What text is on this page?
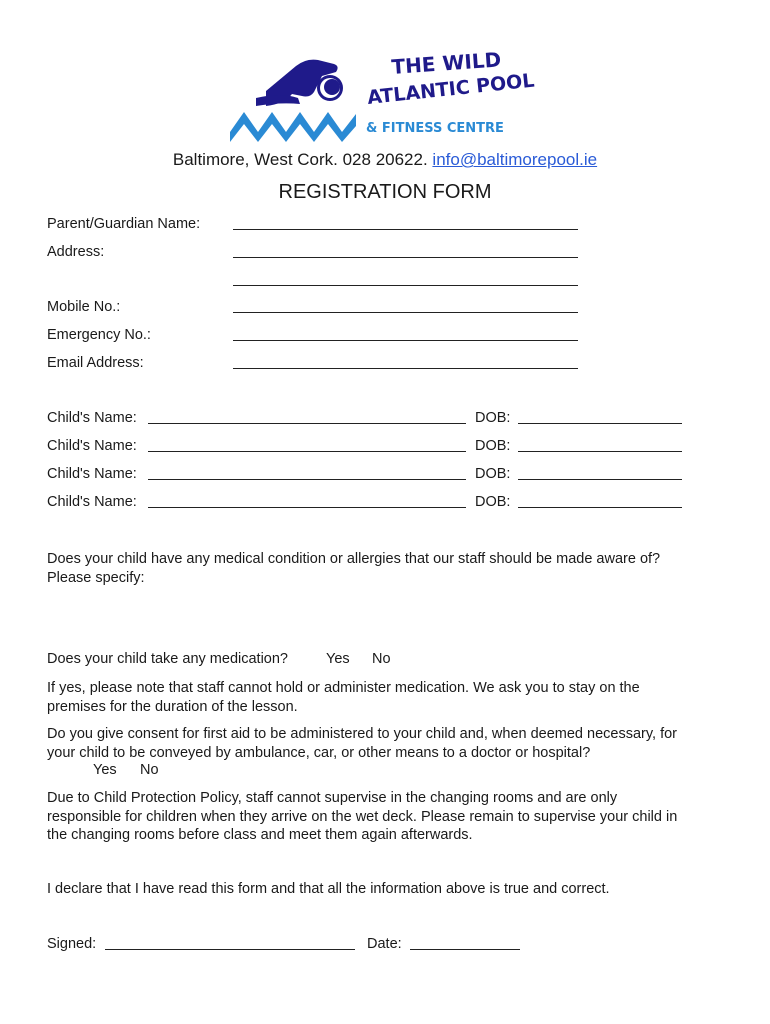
THE WILD
ATLANTIC POOL
& FITNESS CENTRE
Baltimore, West Cork. 028 20622. info@baltimorepool.ie
REGISTRATION FORM
Parent/Guardian Name:
Address:
Mobile No.:
Emergency No.:
Email Address:
Child's Name:	DOB:
Child's Name:	DOB:
Child's Name:	DOB:
Child's Name:	DOB:
Does your child have any medical condition or allergies that our staff should be made aware of?
Please specify:
Does your child take any medication?	Yes No
If yes, please note that staff cannot hold or administer medication. We ask you to stay on the
premises for the duration of the lesson.
Do you give consent for first aid to be administered to your child and, when deemed necessary, for
your child to be conveyed by ambulance, car, or other means to a doctor or hospital?
Yes No
Due to Child Protection Policy, staff cannot supervise in the changing rooms and are only
responsible for children when they arrive on the wet deck. Please remain to supervise your child in
the changing rooms before class and meet them again afterwards.
I declare that I have read this form and that all the information above is true and correct.
Signed:	Date:
